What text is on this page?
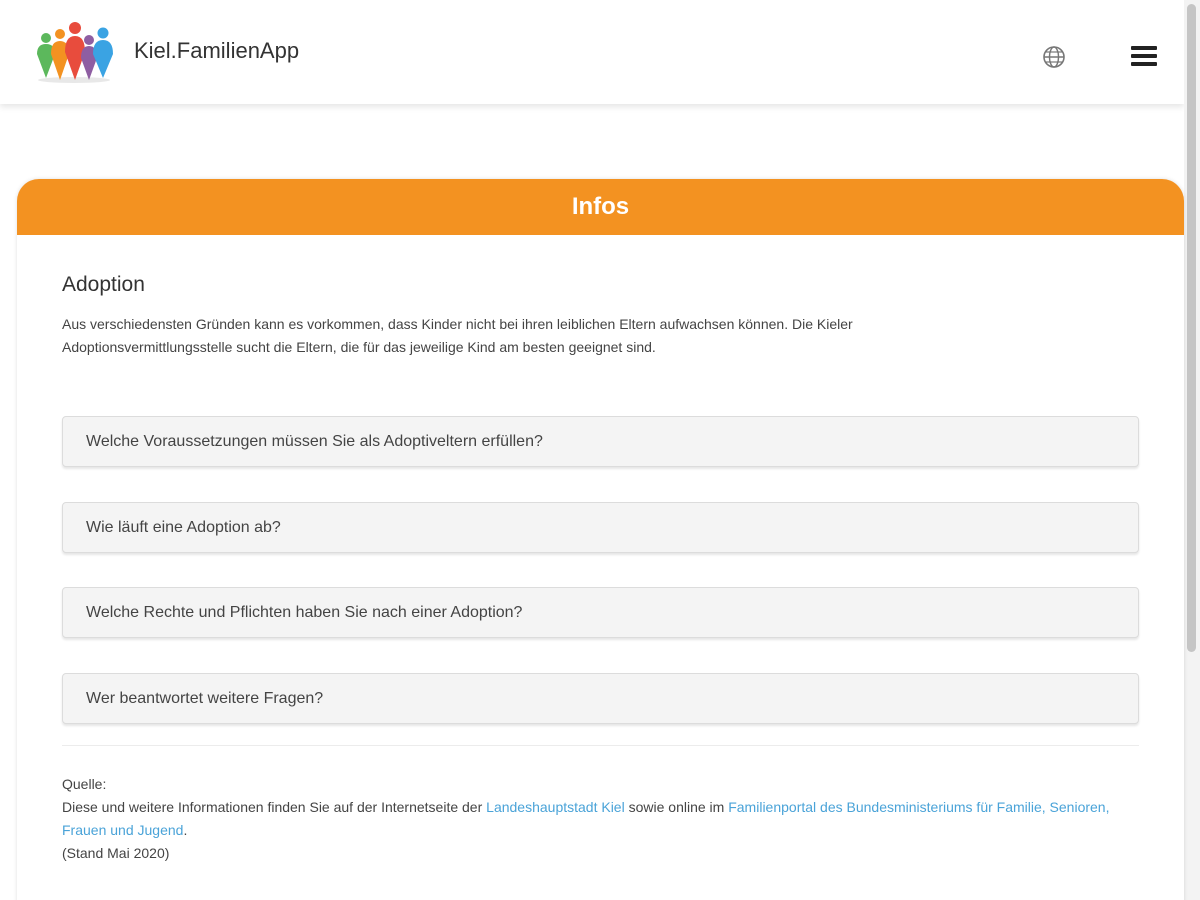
Kiel.FamilienApp
Infos
Adoption
Aus verschiedensten Gründen kann es vorkommen, dass Kinder nicht bei ihren leiblichen Eltern aufwachsen können. Die Kieler Adoptionsvermittlungsstelle sucht die Eltern, die für das jeweilige Kind am besten geeignet sind.
Welche Voraussetzungen müssen Sie als Adoptiveltern erfüllen?
Wie läuft eine Adoption ab?
Welche Rechte und Pflichten haben Sie nach einer Adoption?
Wer beantwortet weitere Fragen?
Quelle:
Diese und weitere Informationen finden Sie auf der Internetseite der Landeshauptstadt Kiel sowie online im Familienportal des Bundesministeriums für Familie, Senioren, Frauen und Jugend.
(Stand Mai 2020)
